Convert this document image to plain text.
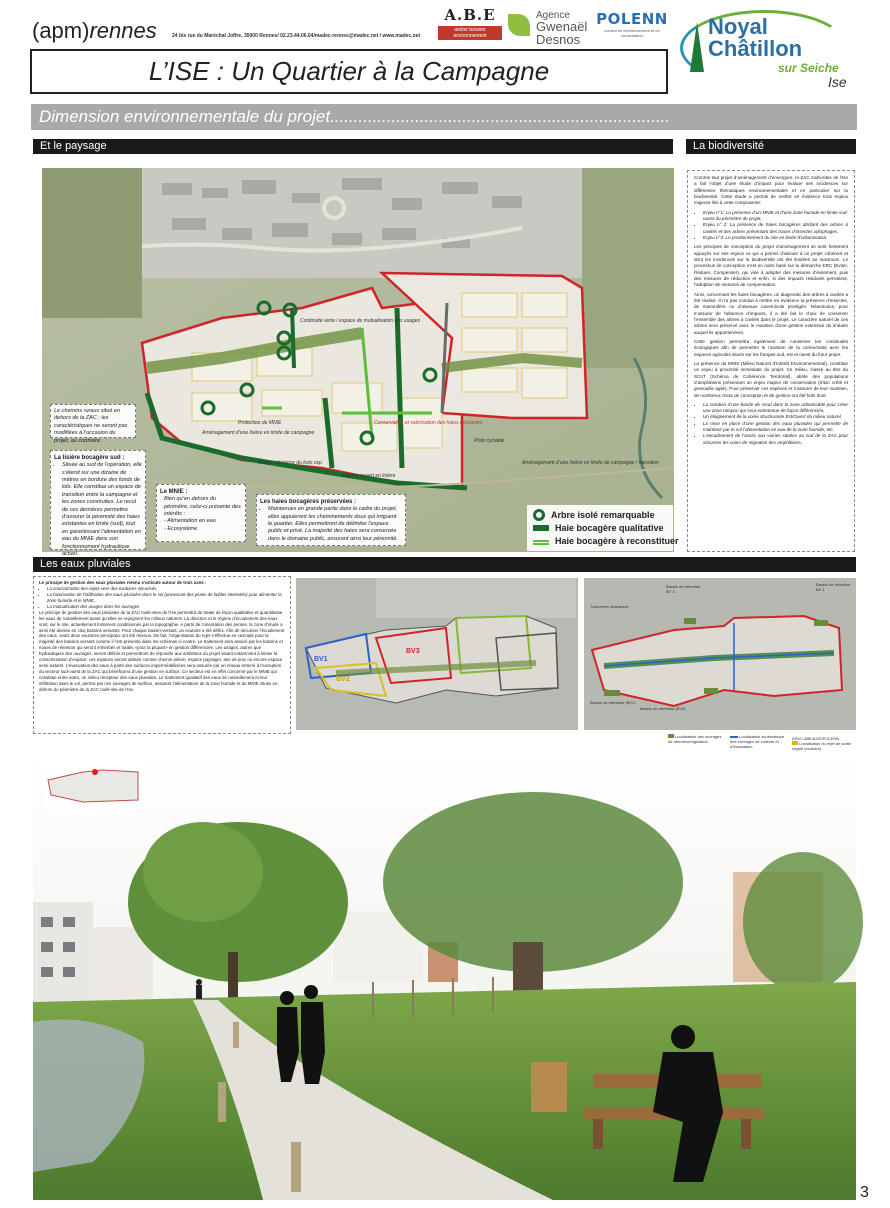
(apm)rennes	24 bis rue du Maréchal Joffre, 35000 Rennes/ 02.23.44.06.04/madec-rennes@madec.net / www.madec.net
A.B.E
atelier bouvier environnement
Agence
Gwenaël
Desnos
POLENN
conseil en environnement et en concertation	Noyal
Châtillon
sur Seiche
Ise
L’ISE : Un Quartier à la Campagne
Dimension environnementale du projet........................................................................
Et le paysage	La biodiversité
Continuité verte / espace de mutualisation des usages
Aménagement d’une lisière en limite de campagne
Protection du MNIE
Marge / distance du bois cep
Espace ouvert en lisière
Conservation et valorisation des haies existantes
Piste cyclable
Aménagement d’une lisière en limite de campagne / transition
Le chemins ruraux situé en dehors de la ZAC ; les caractéristiques ne seront pas modifiées à l’occasion du projet, au contraire.
La lisière bocagère sud :
• Située au sud de l’opération, elle s’étend sur une dizaine de mètres en bordure des fonds de lots. Elle constitue un espace de transition entre la campagne et les zones construites. Le recul de ces dernières permettra d’assurer la pérennité des haies existantes en limite (sud), tout en garantissant l’alimentation en eau du MNIE dans son fonctionnement hydraulique actuel.
Le MNIE :
Bien qu’en dehors du périmètre, celui-ci présente des intérêts :
- Alimentation en eau
- Ecosystème
Les haies bocagères préservées :
• Maintenues en grande partie dans le cadre du projet, elles appuieront les cheminements doux qui irriguent le quartier. Elles permettront de délimiter l’espace public et privé. La majorité des haies sera conservée dans le domaine public, assurant ainsi leur pérennité.
Arbre isolé remarquable
Haie bocagère qualitative
Haie bocagère à reconstituer

Comme tout projet d’aménagement d’envergure, la ZAC multi-sites de l’Ise a fait l’objet d’une étude d’impact pour évaluer ses incidences sur différentes thématiques environnementales et en particulier sur la biodiversité. Cette étude a permis de mettre en évidence trois enjeux majeurs liés à cette composante:

• Enjeu n°1: La présence d’un MNIE et d’une zone humide en limite sud-ouest du périmètre de projet,
• Enjeu n° 2: La présence de haies bocagères abritant des arbres à cavités et des arbres présentant des traces d’insectes xylophages,
• Enjeu n°3: Le positionnement du site en limite d’urbanisation.

Les principes de conception du projet d’aménagement se sont fortement appuyés sur ses enjeux ce qui a permis d’aboutir à un projet cohérent et dont les incidences sur la biodiversité ont été limitées au maximum. Le processus de conception s’est en outre basé sur la démarche ERC (Eviter, Réduire, Compenser), qui vise à adopter des mesures d’évitement, puis des mesures de réduction et enfin, si des impacts résiduels persistent, l’adoption de mesures de compensation.

Ainsi, concernant les haies bocagères, un diagnostic des arbres à cavités a été réalisé. Il n’a pas conduit à mettre en évidence la présence d’insectes, de mammifère ou d’oiseaux cavernicole protégés. Néanmoins, pour s’assurer de l’absence d’impacts, il a été fait le choix de conserver l’ensemble des arbres à cavités dans le projet. Le caractère naturel de ces arbres sera préservé avec le maintien d’une gestion extensive du linéaire auquel ils appartiennent.

Cette gestion permettra également de conserver les continuités écologiques afin de permettre le maintien de la connectivité avec les espaces agricoles situés sur les franges sud, est et ouest du futur projet.

La présence du MNIE (Milieu Naturel d’Intérêt Environnemental), constitue un enjeu à proximité immédiate du projet. Ce milieu, classé au titre du SCoT (Schéma de Cohérence Territorial), abrite des populations d’amphibiens présentant un enjeu majeur de conservation (triton crêté et grenouille agile). Pour préserver ces espèces et s’assurer de leur maintien, de nombreux choix de conception et de gestion ont été faits dont:

• La création d’une bande de recul dans la zone urbanisable pour créer une zone tampon qui sera entretenue de façon différenciée,
• Un éloignement de la voirie structurante Est/Ouest du milieu naturel,
• La mise en place d’une gestion des eaux pluviales qui permette de maintenir par le sol l’alimentation en eau de la zone humide, etc.
• L’encadrement de l’accès aux voiries situées au sud de la ZAC pour sécuriser les voies de migration des amphibiens.
Les eaux pluviales
Le principe de gestion des eaux pluviales retenu s’articule autour de trois axes :
• La concentration des rejets vers des exutoires sécurisés,
• La favorisation de l’infiltration des eaux pluviales dans le sol (provenant des pluies de faibles intensités) pour alimenter la zone humide et le MNIE,
• La mutualisation des usages dans les ouvrages
Le principe de gestion des eaux pluviales de la ZAC multi-sites de l’Ise permettra de traiter de façon qualitative et quantitative les eaux de ruissellement avant qu’elles ne rejoignent les milieux naturels. La direction et le régime d’écoulement des eaux sont, sur le site, actuellement fortement conditionnés par la topographie. A partir de l’orientation des pentes, la zone d’étude a ainsi été divisée en cinq bassins versants. Pour chaque bassin-versant, un exutoire a été défini. Afin de sécuriser l’écoulement des eaux, seuls deux exutoires principaux ont été retenus. De fait, l’organisation du rejet s’effectue en cascade pour la majorité des bassins versant comme il l’est présenté dans les schémas ci-contre. Le traitement sera assuré par les bassins et noues de rétention qui seront enherbés et traités «pour la plupart» en gestion différenciée. Les usages, autres que hydrauliques des ouvrages, seront définis et permettront de répondre aux ambitions du projet visant notamment à limiter la consommation d’espace: ces espaces seront utilisés comme chemin piéton, espace paysager, aire de jeux ou encore espace semi-naturel. L’évacuation des eaux à partir des surfaces imperméabilisées sera assurée par un réseau enterré à l’exception du secteur sud-ouest de la ZAC qui bénéficiera d’une gestion en surface. Ce secteur est en effet concerné par le MNIE qui constitue entre autre, un milieu récepteur des eaux pluviales. Le traitement qualitatif des eaux de ruissellement et leur infiltration dans le sol, permis par ces ouvrages de surface, assurent l’alimentation de la zone humide et du MNIE situés en dehors du périmètre de la ZAC multi-site de l’Ise.
BV1
BV2
BV3
Bassin de rétention BV 3
Bassin de rétention BV 1
Tranchées drainantes
Bassin de rétention (BV1)
Bassin de rétention (BV3)
Localisation des ouvrages de rétention/régulation
Localisation schématique des ouvrages de collecte et d’évacuation
APM / ABE/AGD/POLENN
Localisation du rejet de sortie régulé (exutoire)
3
